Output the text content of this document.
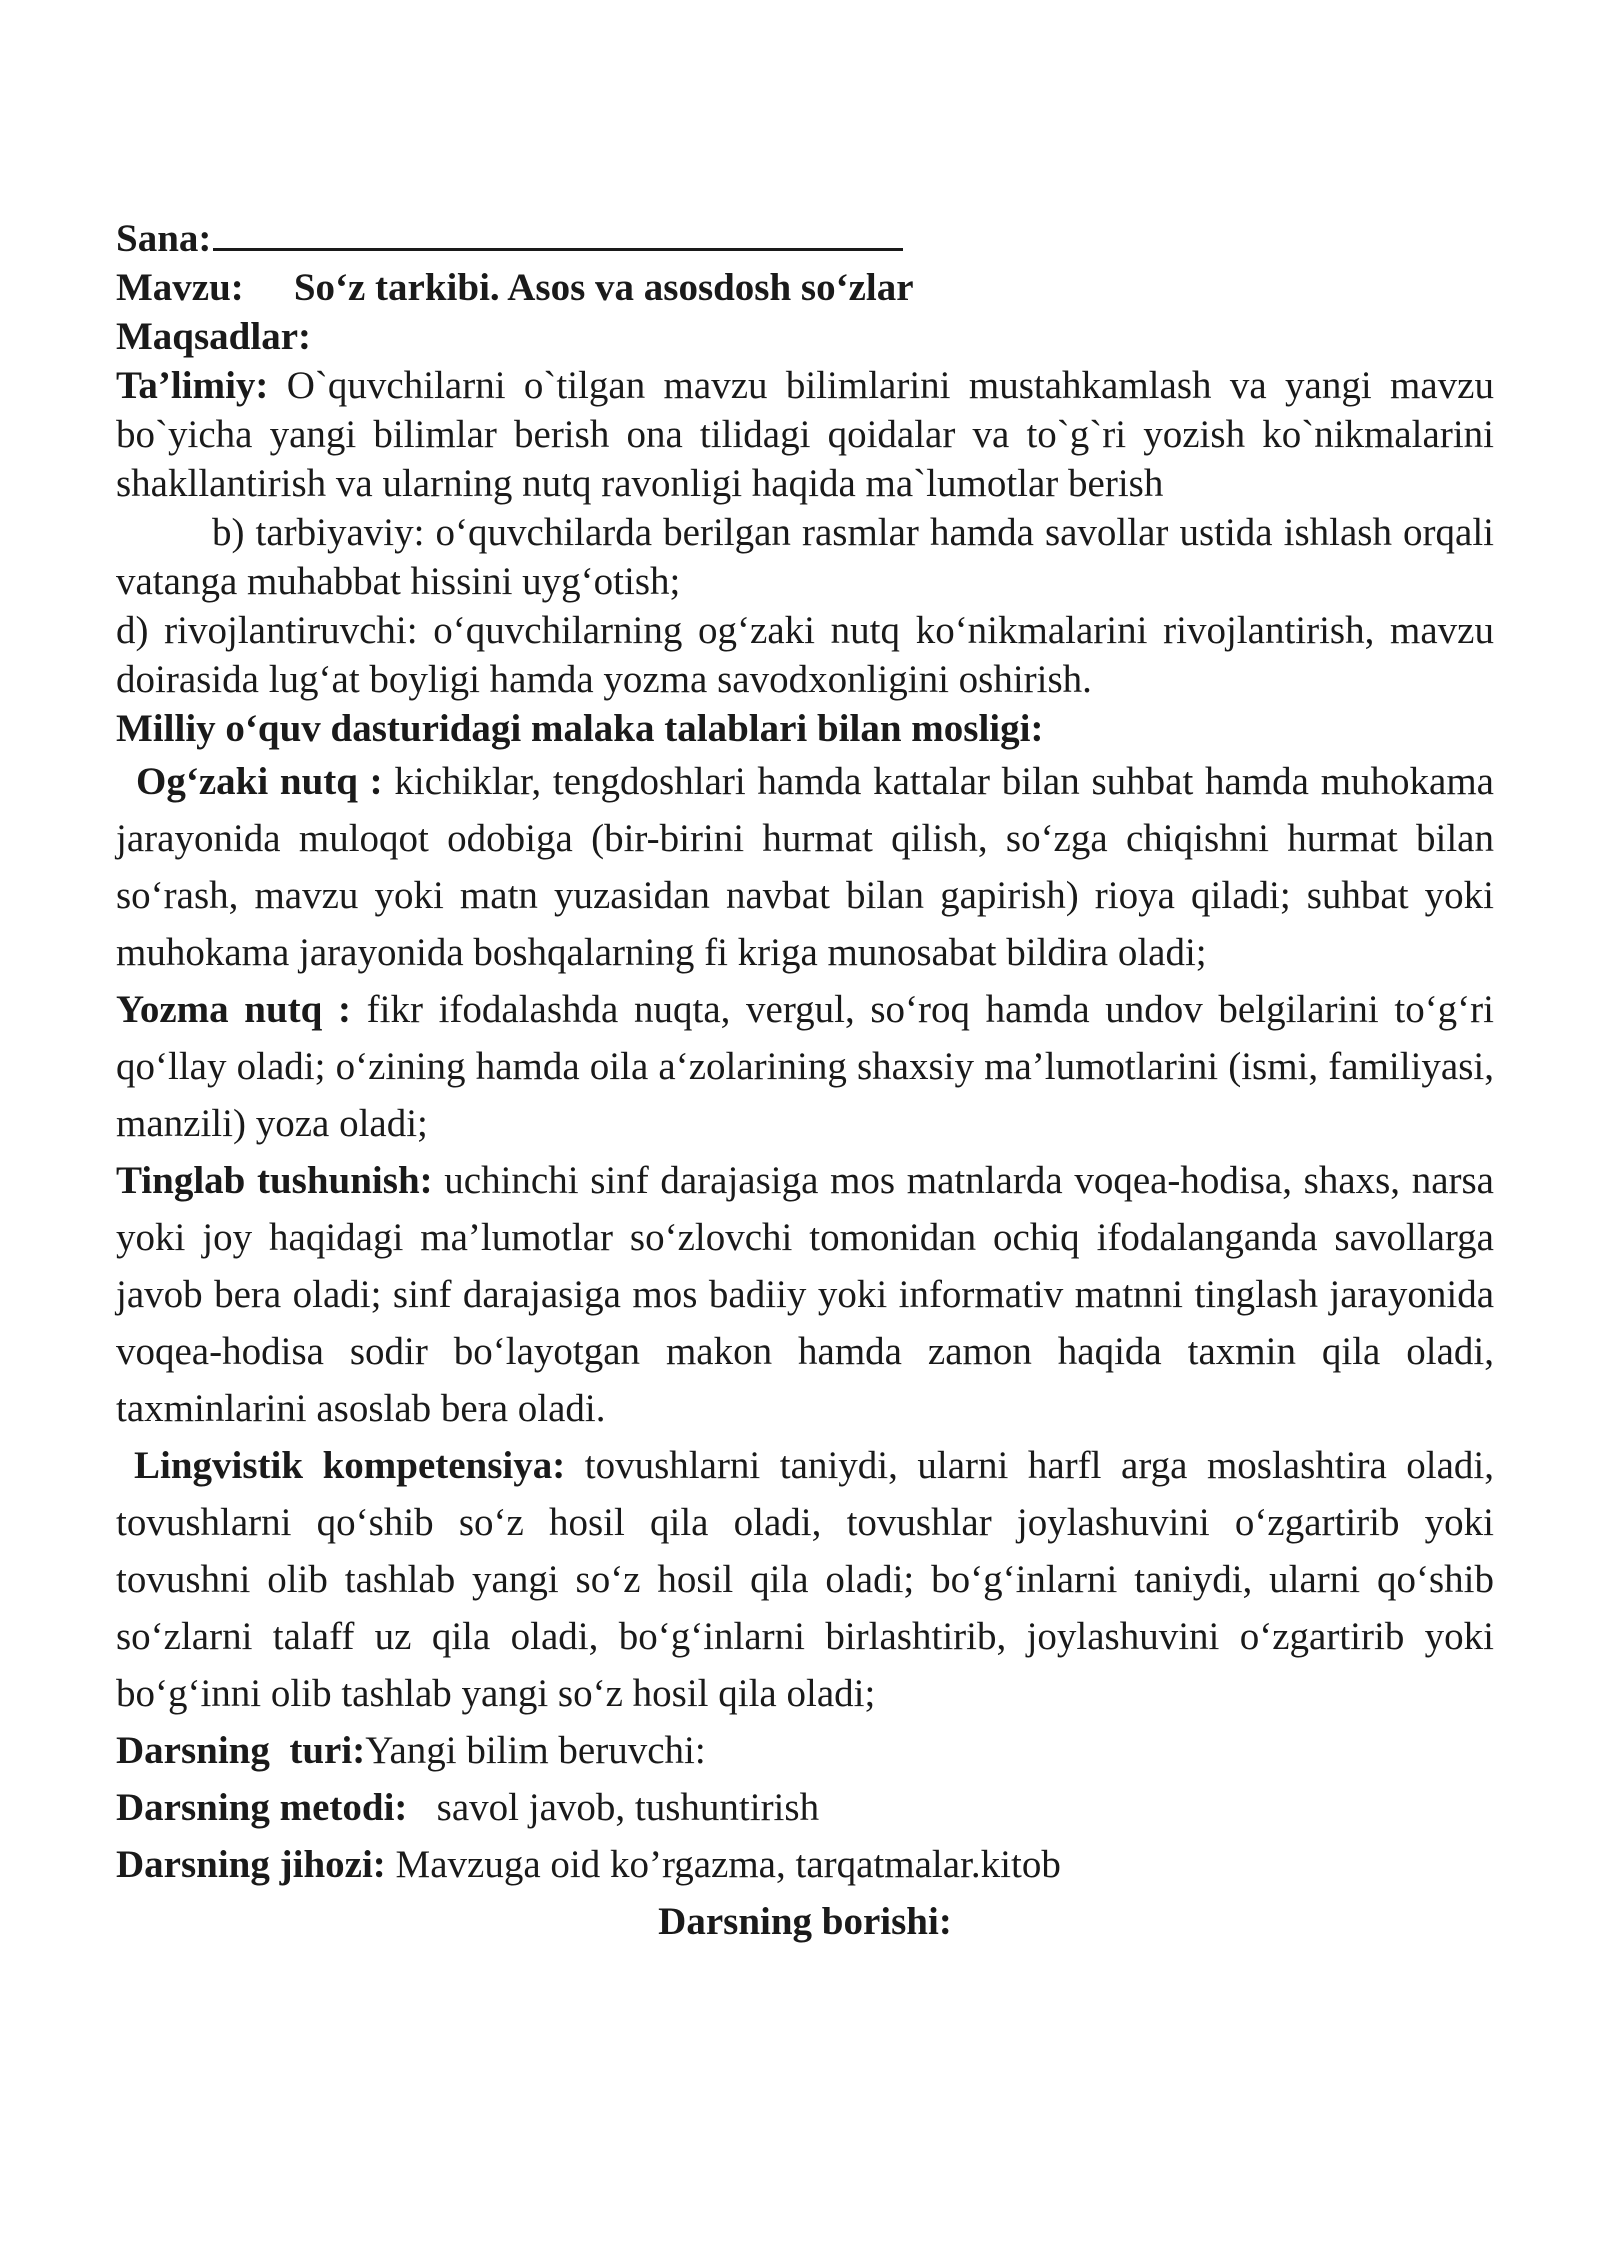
Sana:

Mavzu: So‘z tarkibi. Asos va asosdosh so‘zlar

Maqsadlar:

Ta’limiy: O`quvchilarni o`tilgan mavzu bilimlarini mustahkamlash va yangi mavzu bo`yicha yangi bilimlar berish ona tilidagi qoidalar va to`g`ri yozish ko`nikmalarini shakllantirish va ularning nutq ravonligi haqida ma`lumotlar berish

b) tarbiyaviy: o‘quvchilarda berilgan rasmlar hamda savollar ustida ishlash orqali vatanga muhabbat hissini uyg‘otish;

d) rivojlantiruvchi: o‘quvchilarning og‘zaki nutq ko‘nikmalarini rivojlantirish, mavzu doirasida lug‘at boyligi hamda yozma savodxonligini oshirish.

Milliy o‘quv dasturidagi malaka talablari bilan mosligi:

Og‘zaki nutq : kichiklar, tengdoshlari hamda kattalar bilan suhbat hamda muhokama jarayonida muloqot odobiga (bir-birini hurmat qilish, so‘zga chiqishni hurmat bilan so‘rash, mavzu yoki matn yuzasidan navbat bilan gapirish) rioya qiladi; suhbat yoki muhokama jarayonida boshqalarning fi kriga munosabat bildira oladi;

Yozma nutq : fikr ifodalashda nuqta, vergul, so‘roq hamda undov belgilarini to‘g‘ri qo‘llay oladi; o‘zining hamda oila a‘zolarining shaxsiy ma’lumotlarini (ismi, familiyasi, manzili) yoza oladi;

Tinglab tushunish: uchinchi sinf darajasiga mos matnlarda voqea-hodisa, shaxs, narsa yoki joy haqidagi ma’lumotlar so‘zlovchi tomonidan ochiq ifodalanganda savollarga javob bera oladi; sinf darajasiga mos badiiy yoki informativ matnni tinglash jarayonida voqea-hodisa sodir bo‘layotgan makon hamda zamon haqida taxmin qila oladi, taxminlarini asoslab bera oladi.

Lingvistik kompetensiya: tovushlarni taniydi, ularni harfl arga moslashtira oladi, tovushlarni qo‘shib so‘z hosil qila oladi, tovushlar joylashuvini o‘zgartirib yoki tovushni olib tashlab yangi so‘z hosil qila oladi; bo‘g‘inlarni taniydi, ularni qo‘shib so‘zlarni talaff uz qila oladi, bo‘g‘inlarni birlashtirib, joylashuvini o‘zgartirib yoki bo‘g‘inni olib tashlab yangi so‘z hosil qila oladi;

Darsning  turi:Yangi bilim beruvchi:

Darsning metodi:   savol javob, tushuntirish

Darsning jihozi: Mavzuga oid ko’rgazma, tarqatmalar.kitob

Darsning borishi:
